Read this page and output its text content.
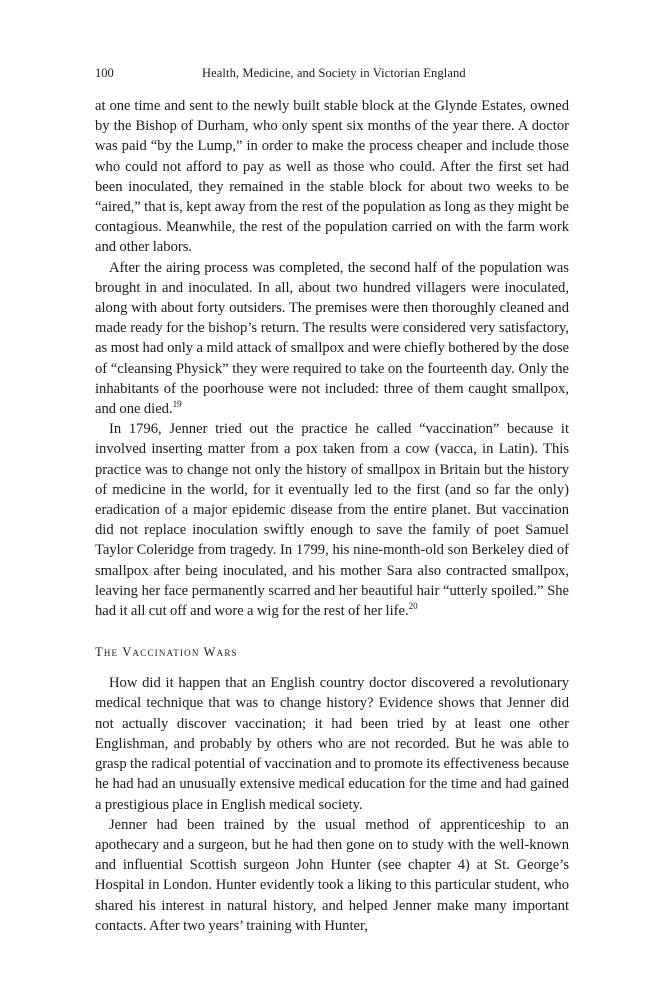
100	Health, Medicine, and Society in Victorian England

at one time and sent to the newly built stable block at the Glynde Estates, owned by the Bishop of Durham, who only spent six months of the year there. A doctor was paid “by the Lump,” in order to make the process cheaper and include those who could not afford to pay as well as those who could. After the first set had been inoculated, they remained in the stable block for about two weeks to be “aired,” that is, kept away from the rest of the population as long as they might be contagious. Meanwhile, the rest of the population carried on with the farm work and other labors.

After the airing process was completed, the second half of the population was brought in and inoculated. In all, about two hundred villagers were inoculated, along with about forty outsiders. The premises were then thoroughly cleaned and made ready for the bishop’s return. The results were considered very satisfactory, as most had only a mild attack of smallpox and were chiefly bothered by the dose of “cleansing Physick” they were required to take on the fourteenth day. Only the inhabitants of the poorhouse were not included: three of them caught smallpox, and one died.$^{19}$

In 1796, Jenner tried out the practice he called “vaccination” because it involved inserting matter from a pox taken from a cow (vacca, in Latin). This practice was to change not only the history of smallpox in Britain but the history of medicine in the world, for it eventually led to the first (and so far the only) eradication of a major epidemic disease from the entire planet. But vaccination did not replace inoculation swiftly enough to save the family of poet Samuel Taylor Coleridge from tragedy. In 1799, his nine-month-old son Berkeley died of smallpox after being inoculated, and his mother Sara also contracted smallpox, leaving her face permanently scarred and her beautiful hair “utterly spoiled.” She had it all cut off and wore a wig for the rest of her life.$^{20}$

The Vaccination Wars

How did it happen that an English country doctor discovered a revolutionary medical technique that was to change history? Evidence shows that Jenner did not actually discover vaccination; it had been tried by at least one other Englishman, and probably by others who are not recorded. But he was able to grasp the radical potential of vaccination and to promote its effectiveness because he had had an unusually extensive medical education for the time and had gained a prestigious place in English medical society.

Jenner had been trained by the usual method of apprenticeship to an apothecary and a surgeon, but he had then gone on to study with the well-known and influential Scottish surgeon John Hunter (see chapter 4) at St. George’s Hospital in London. Hunter evidently took a liking to this particular student, who shared his interest in natural history, and helped Jenner make many important contacts. After two years’ training with Hunter,
